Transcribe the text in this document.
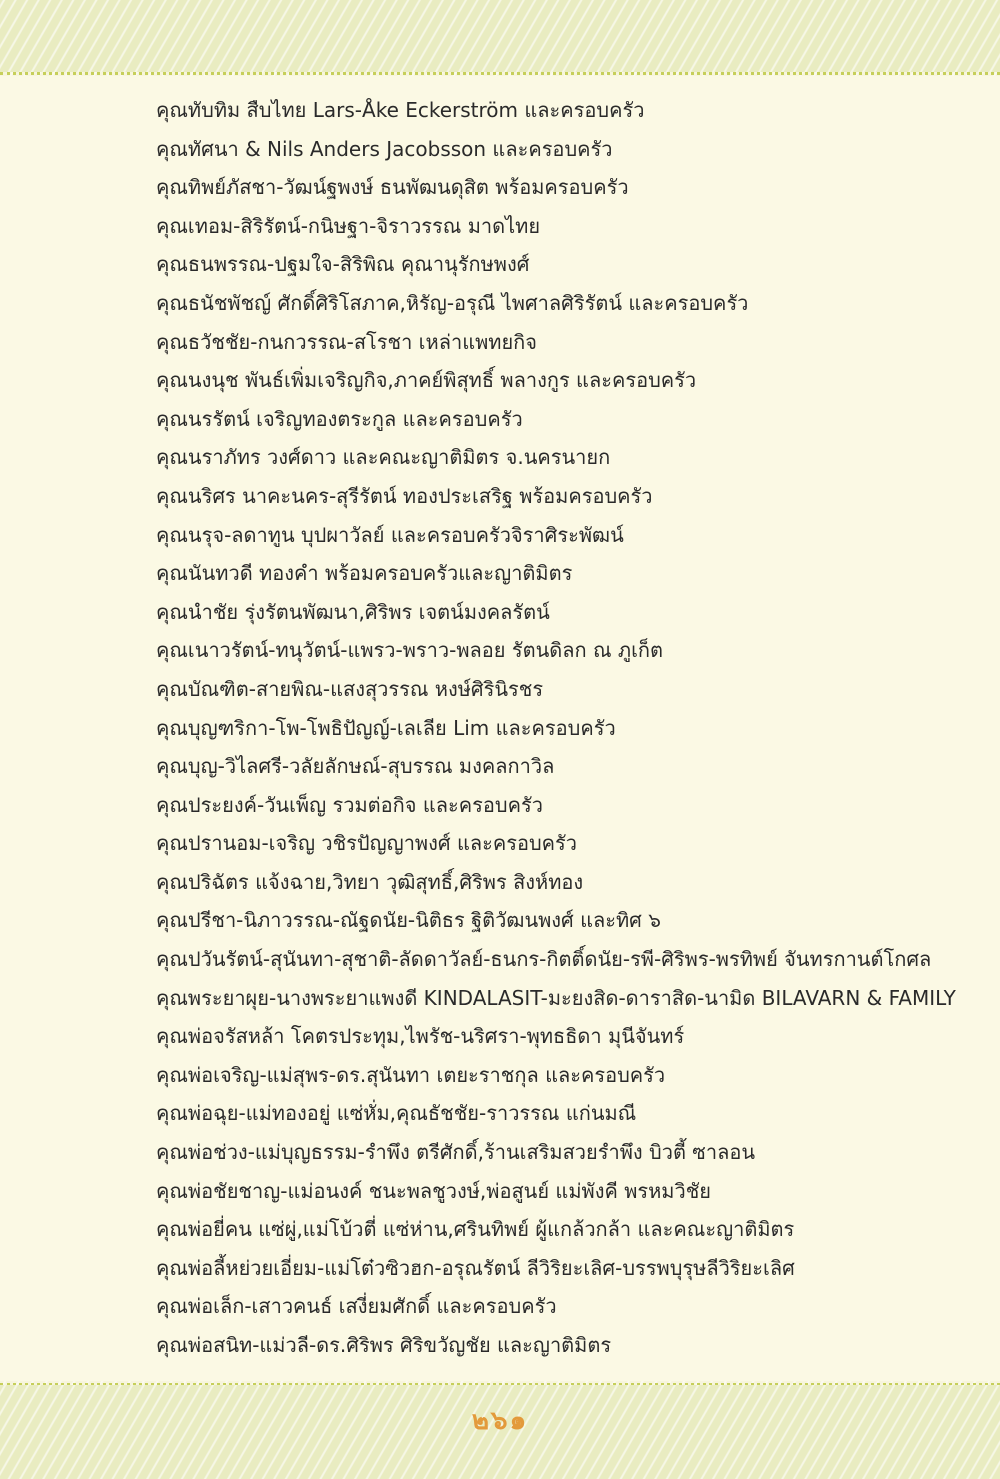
คุณทับทิม สืบไทย Lars-Åke Eckerström และครอบครัว
คุณทัศนา & Nils Anders Jacobsson และครอบครัว
คุณทิพย์ภัสชา-วัฒน์ฐพงษ์ ธนพัฒนดุสิต พร้อมครอบครัว
คุณเทอม-สิริรัตน์-กนิษฐา-จิราวรรณ มาดไทย
คุณธนพรรณ-ปฐมใจ-สิริพิณ คุณานุรักษพงศ์
คุณธนัชพัชญ์ ศักดิ์ศิริโสภาค,หิรัญ-อรุณี ไพศาลศิริรัตน์ และครอบครัว
คุณธวัชชัย-กนกวรรณ-สโรชา เหล่าแพทยกิจ
คุณนงนุช พันธ์เพิ่มเจริญกิจ,ภาคย์พิสุทธิ์ พลางกูร และครอบครัว
คุณนรรัตน์ เจริญทองตระกูล และครอบครัว
คุณนราภัทร วงศ์ดาว และคณะญาติมิตร จ.นครนายก
คุณนริศร นาคะนคร-สุรีรัตน์ ทองประเสริฐ พร้อมครอบครัว
คุณนรุจ-ลดาทูน บุปผาวัลย์ และครอบครัวจิราศิระพัฒน์
คุณนันทวดี ทองคำ พร้อมครอบครัวและญาติมิตร
คุณนำชัย รุ่งรัตนพัฒนา,ศิริพร เจตน์มงคลรัตน์
คุณเนาวรัตน์-ทนุวัตน์-แพรว-พราว-พลอย รัตนดิลก ณ ภูเก็ต
คุณบัณฑิต-สายพิณ-แสงสุวรรณ หงษ์ศิรินิรชร
คุณบุญฑริกา-โพ-โพธิปัญญ์-เลเลีย Lim และครอบครัว
คุณบุญ-วิไลศรี-วลัยลักษณ์-สุบรรณ มงคลกาวิล
คุณประยงค์-วันเพ็ญ รวมต่อกิจ และครอบครัว
คุณปรานอม-เจริญ วชิรปัญญาพงศ์ และครอบครัว
คุณปริฉัตร แจ้งฉาย,วิทยา วุฒิสุทธิ์,ศิริพร สิงห์ทอง
คุณปรีชา-นิภาวรรณ-ณัฐดนัย-นิติธร ฐิติวัฒนพงศ์ และทิศ ๖
คุณปวันรัตน์-สุนันทา-สุชาติ-ลัดดาวัลย์-ธนกร-กิตติ์ดนัย-รพี-ศิริพร-พรทิพย์ จันทรกานต์โกศล
คุณพระยาผุย-นางพระยาแพงดี KINDALASIT-มะยงสิด-ดาราสิด-นามิด BILAVARN & FAMILY
คุณพ่อจรัสหล้า โคตรประทุม,ไพรัช-นริศรา-พุทธธิดา มุนีจันทร์
คุณพ่อเจริญ-แม่สุพร-ดร.สุนันทา เตยะราชกุล และครอบครัว
คุณพ่อฉุย-แม่ทองอยู่ แซ่หั่ม,คุณธัชชัย-ราวรรณ แก่นมณี
คุณพ่อช่วง-แม่บุญธรรม-รำพึง ตรีศักดิ์,ร้านเสริมสวยรำพึง บิวตี้ ซาลอน
คุณพ่อชัยชาญ-แม่อนงค์ ชนะพลชูวงษ์,พ่อสูนย์ แม่พังคี พรหมวิชัย
คุณพ่อยี่คน แซ่ผู่,แม่โบ้วตี่ แซ่ห่าน,ศรินทิพย์ ผู้แกล้วกล้า และคณะญาติมิตร
คุณพ่อลี้หย่วยเอี่ยม-แม่โต๋วซิวฮก-อรุณรัตน์ ลีวิริยะเลิศ-บรรพบุรุษลีวิริยะเลิศ
คุณพ่อเล็ก-เสาวคนธ์ เสงี่ยมศักดิ์ และครอบครัว
คุณพ่อสนิท-แม่วลี-ดร.ศิริพร ศิริขวัญชัย และญาติมิตร
๒๖๑
